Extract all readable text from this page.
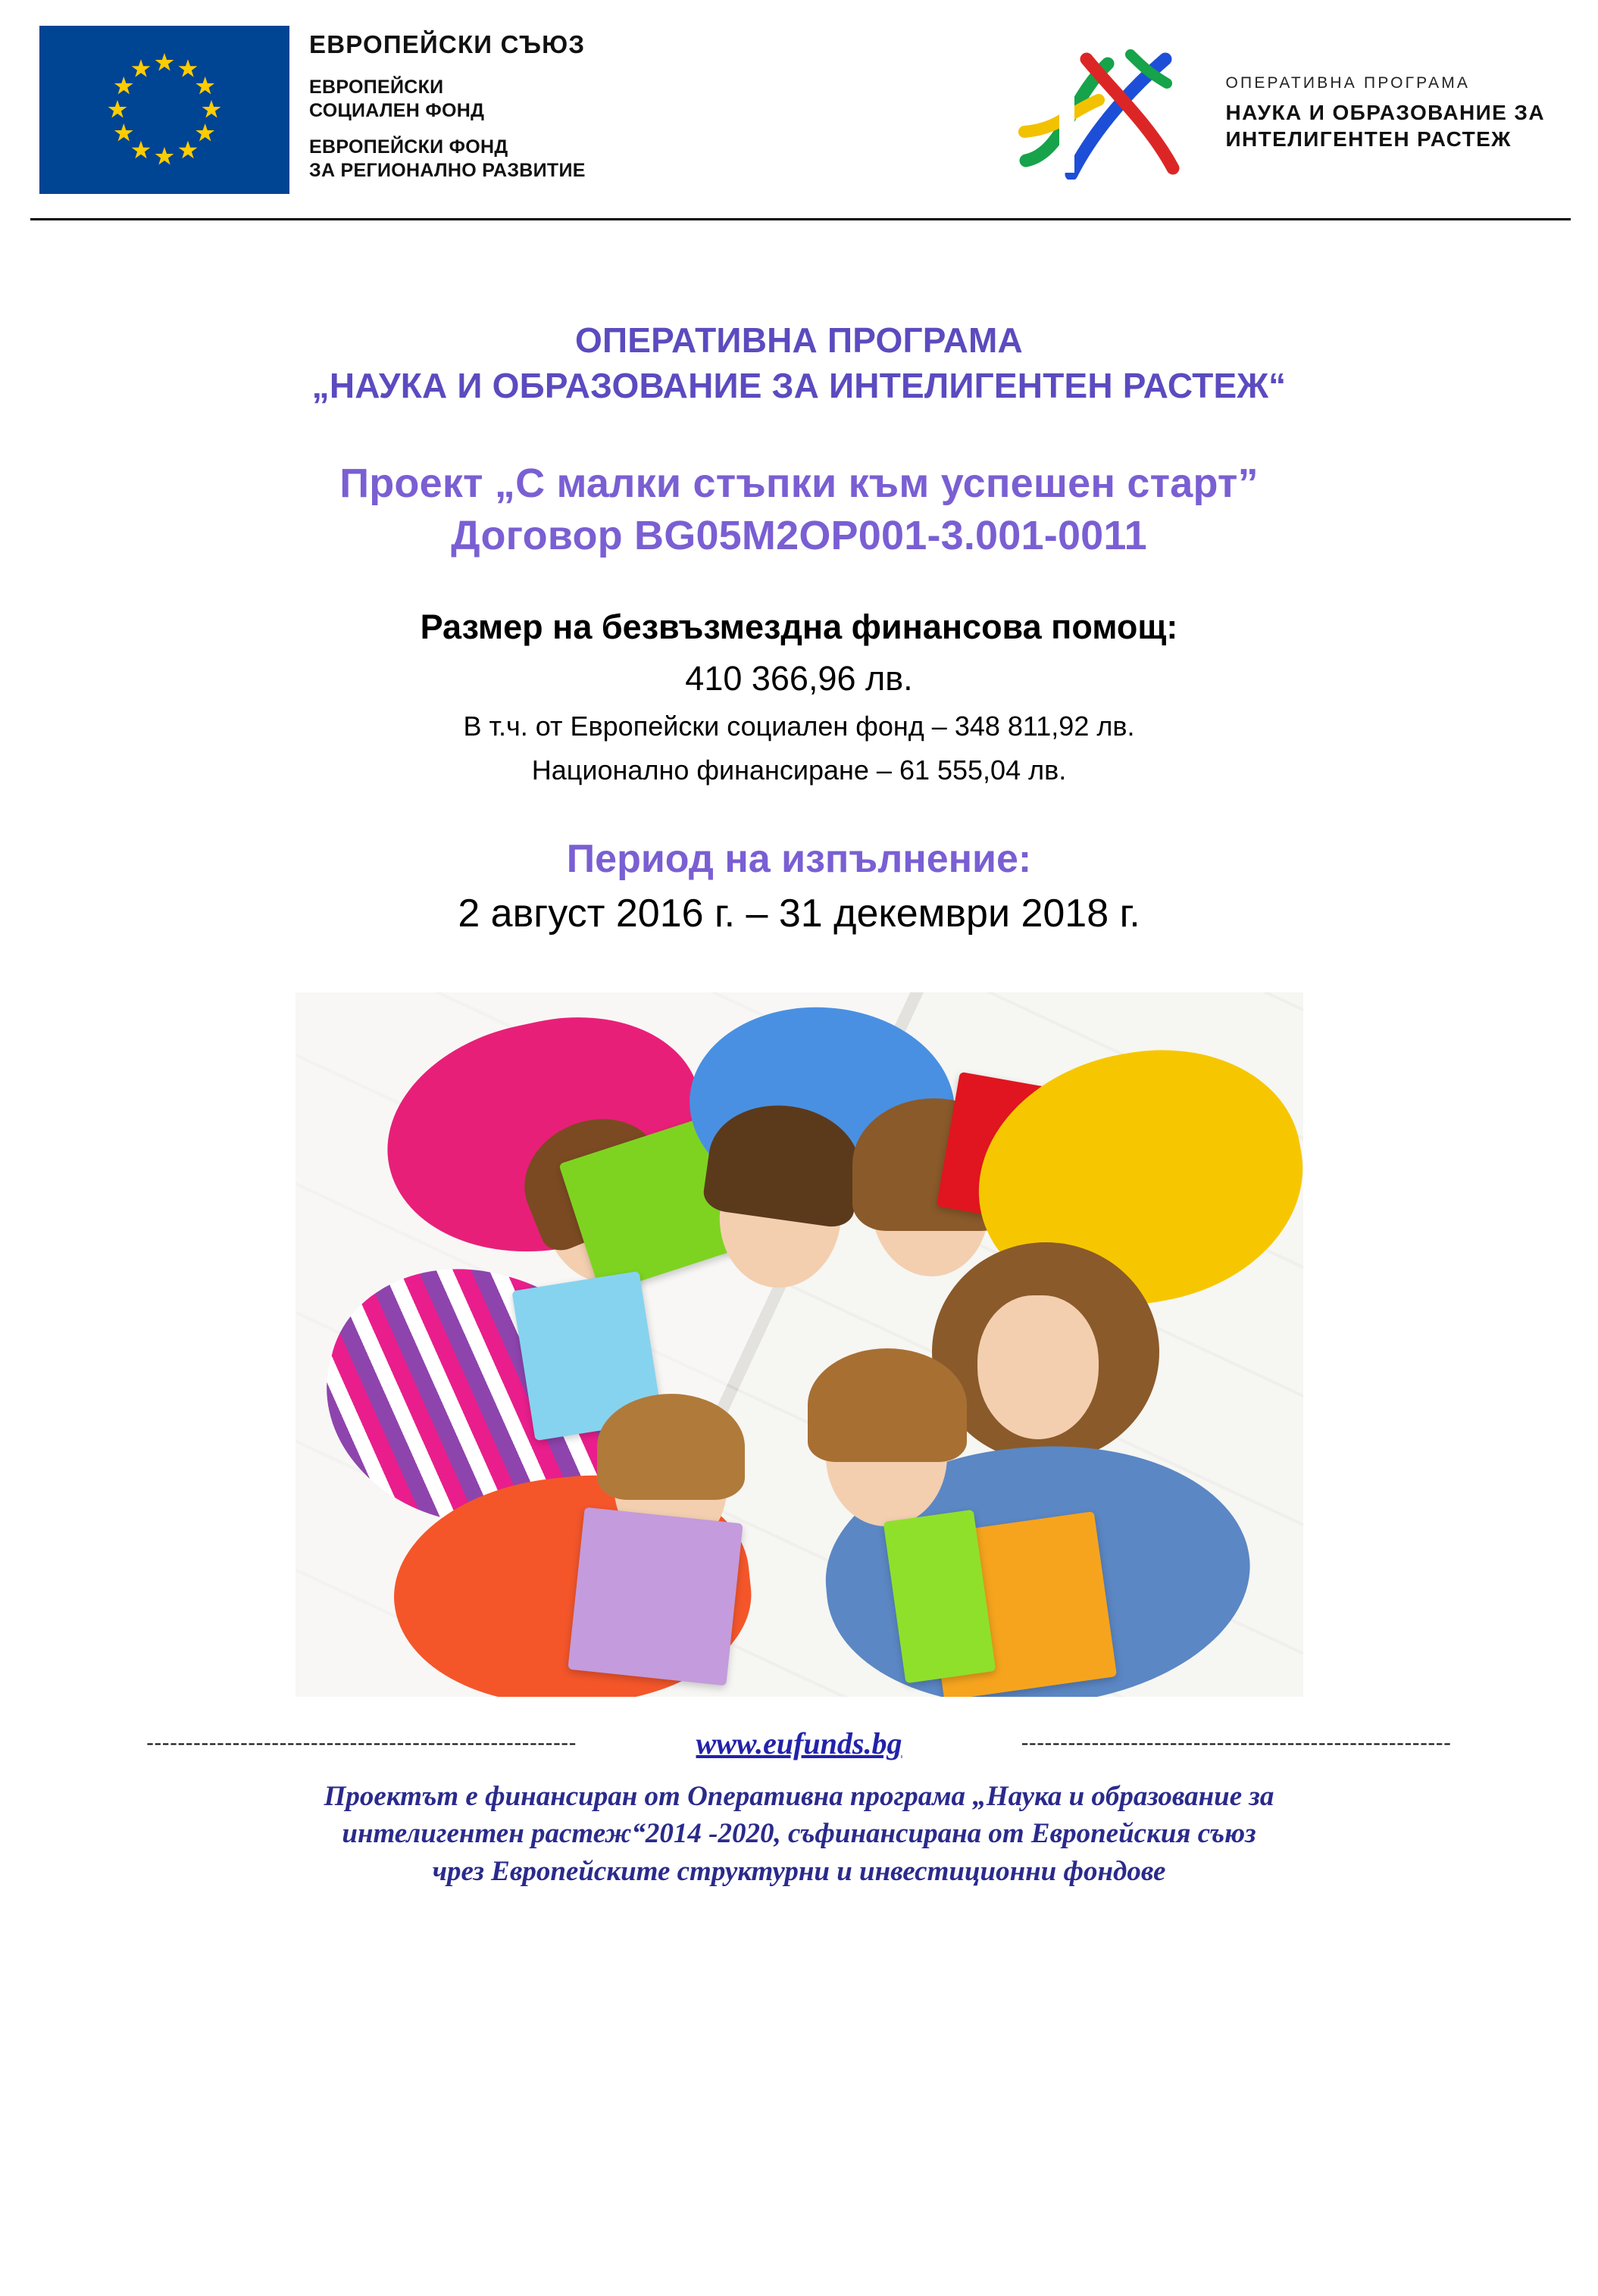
ЕВРОПЕЙСКИ СЪЮЗ
ЕВРОПЕЙСКИ
СОЦИАЛЕН ФОНД
ЕВРОПЕЙСКИ ФОНД
ЗА РЕГИОНАЛНО РАЗВИТИЕ
ОПЕРАТИВНА ПРОГРАМА
НАУКА И ОБРАЗОВАНИЕ ЗА
ИНТЕЛИГЕНТЕН РАСТЕЖ
ОПЕРАТИВНА ПРОГРАМА
„НАУКА И ОБРАЗОВАНИЕ ЗА ИНТЕЛИГЕНТЕН РАСТЕЖ“
Проект „С малки стъпки към успешен старт”
Договор BG05M2OP001-3.001-0011
Размер на безвъзмездна финансова помощ:
410 366,96 лв.
В т.ч. от Европейски социален фонд – 348 811,92 лв.
Национално финансиране – 61 555,04 лв.
Период на изпълнение:
2 август 2016 г. – 31 декември 2018 г.
-------------------------------------------------------	www.eufunds.bg	-------------------------------------------------------
Проектът е финансиран от Оперативна програма „Наука и образование за
интелигентен растеж“2014 -2020, съфинансирана от Европейския съюз
чрез Европейските структурни и инвестиционни фондове
